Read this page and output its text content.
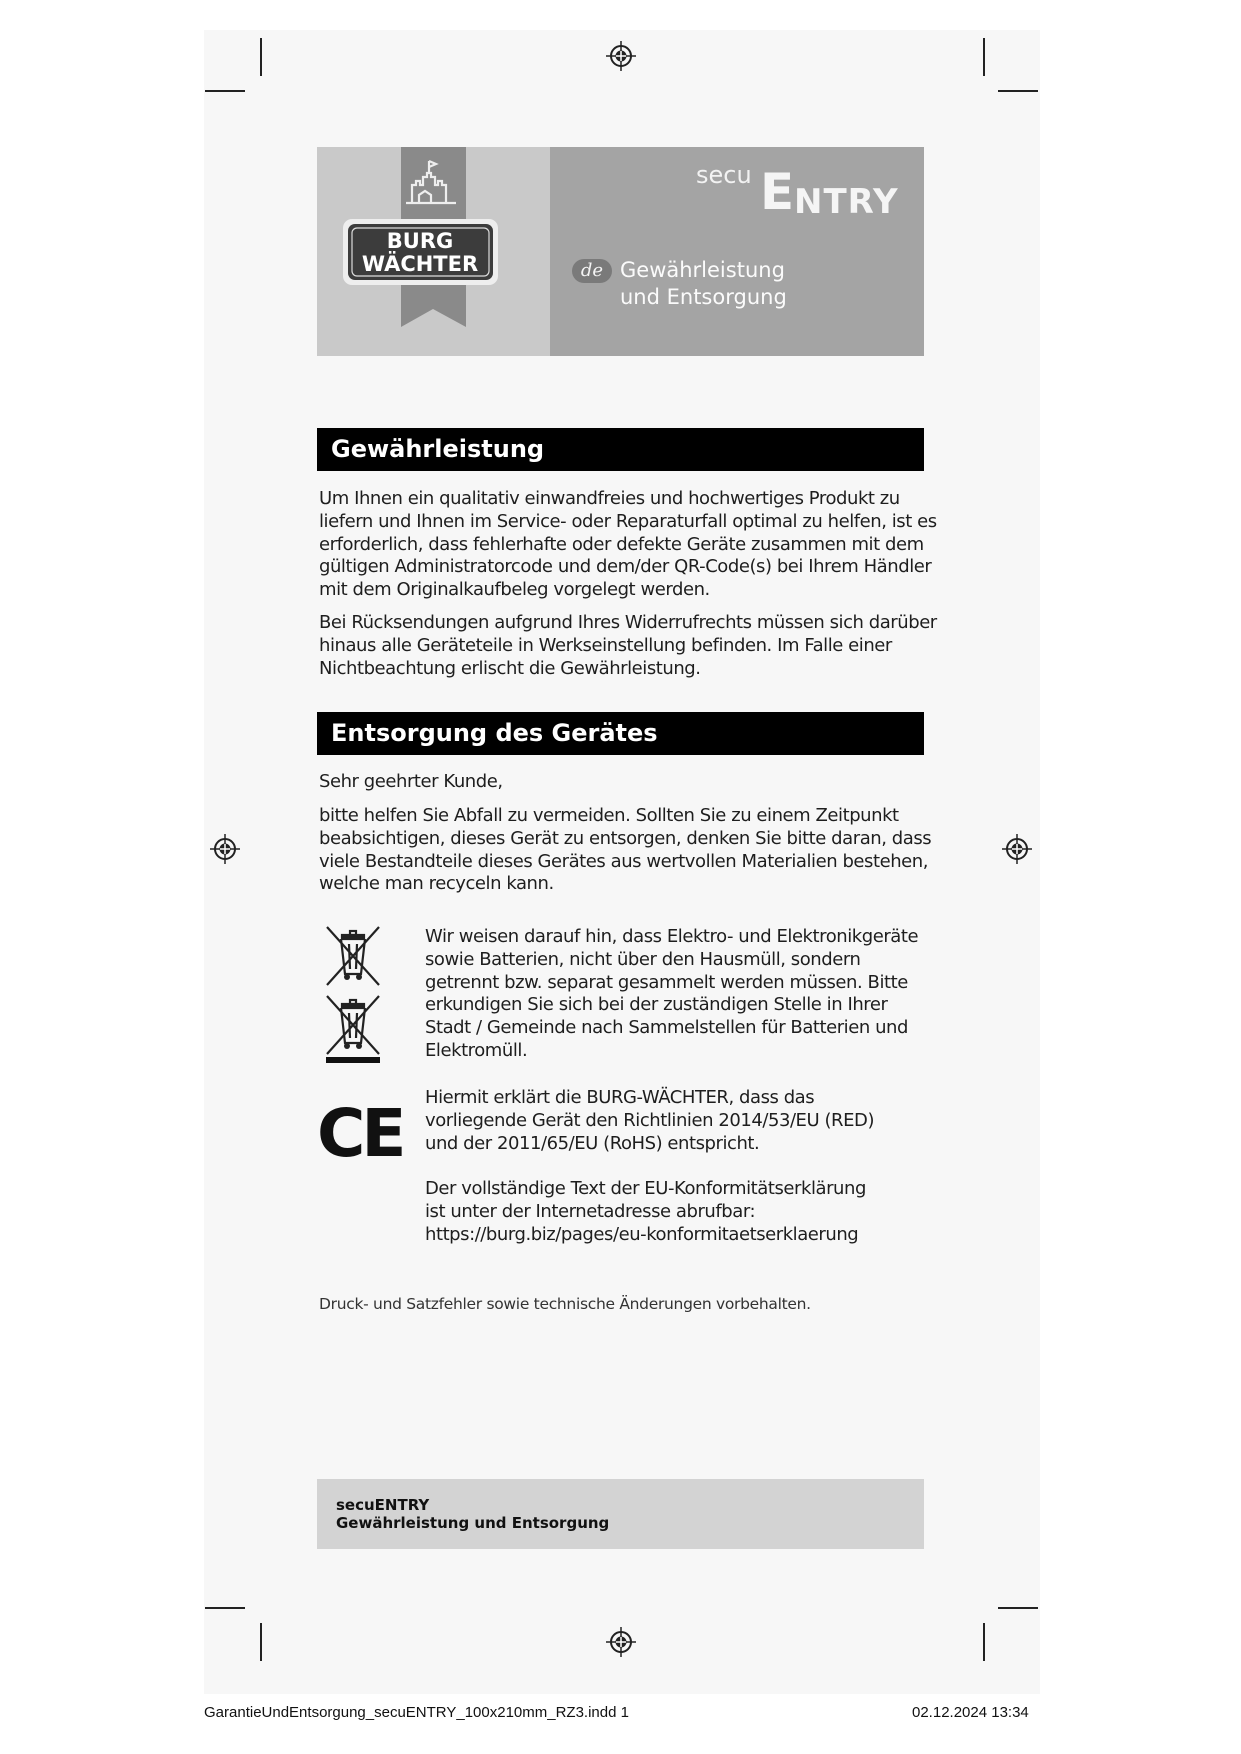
BURG
WÄCHTER
secu E NTRY
de Gewährleistung
und Entsorgung
Gewährleistung
Um Ihnen ein qualitativ einwandfreies und hochwertiges Produkt zu
liefern und Ihnen im Service- oder Reparaturfall optimal zu helfen, ist es
erforderlich, dass fehlerhafte oder defekte Geräte zusammen mit dem
gültigen Administratorcode und dem/der QR-Code(s) bei Ihrem Händler
mit dem Originalkaufbeleg vorgelegt werden.
Bei Rücksendungen aufgrund Ihres Widerrufrechts müssen sich darüber
hinaus alle Geräteteile in Werkseinstellung befinden. Im Falle einer
Nichtbeachtung erlischt die Gewährleistung.
Entsorgung des Gerätes
Sehr geehrter Kunde,
bitte helfen Sie Abfall zu vermeiden. Sollten Sie zu einem Zeitpunkt
beabsichtigen, dieses Gerät zu entsorgen, denken Sie bitte daran, dass
viele Bestandteile dieses Gerätes aus wertvollen Materialien bestehen,
welche man recyceln kann.
Wir weisen darauf hin, dass Elektro- und Elektronikgeräte
sowie Batterien, nicht über den Hausmüll, sondern
getrennt bzw. separat gesammelt werden müssen. Bitte
erkundigen Sie sich bei der zuständigen Stelle in Ihrer
Stadt / Gemeinde nach Sammelstellen für Batterien und
Elektromüll.
CE Hiermit erklärt die BURG-WÄCHTER, dass das
vorliegende Gerät den Richtlinien 2014/53/EU (RED)
und der 2011/65/EU (RoHS) entspricht.
Der vollständige Text der EU-Konformitätserklärung
ist unter der Internetadresse abrufbar:
https://burg.biz/pages/eu-konformitaetserklaerung
Druck- und Satzfehler sowie technische Änderungen vorbehalten.
secuENTRY
Gewährleistung und Entsorgung
GarantieUndEntsorgung_secuENTRY_100x210mm_RZ3.indd 1	02.12.2024 13:34
